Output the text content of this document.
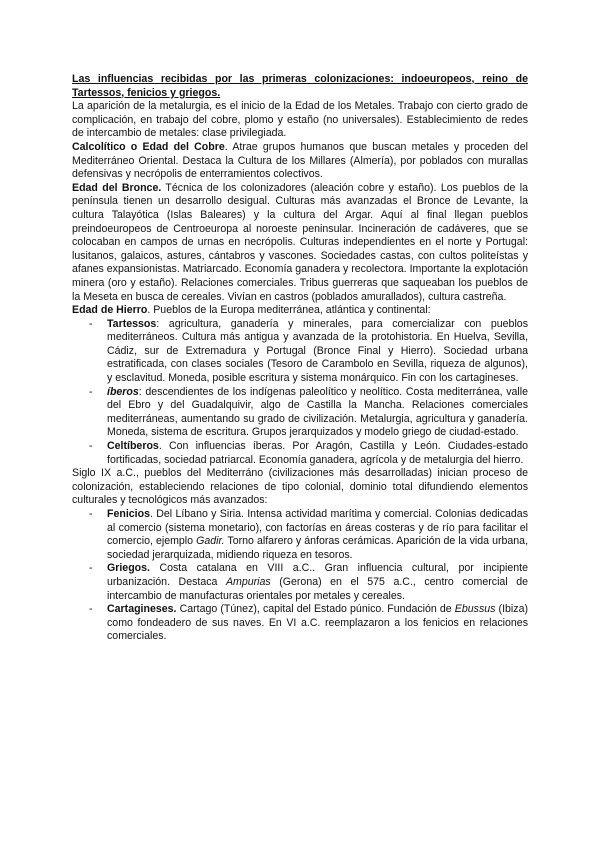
Las influencias recibidas por las primeras colonizaciones: indoeuropeos, reino de Tartessos, fenicios y griegos.

La aparición de la metalurgia, es el inicio de la Edad de los Metales. Trabajo con cierto grado de complicación, en trabajo del cobre, plomo y estaño (no universales). Establecimiento de redes de intercambio de metales: clase privilegiada.

Calcolítico o Edad del Cobre. Atrae grupos humanos que buscan metales y proceden del Mediterráneo Oriental. Destaca la Cultura de los Millares (Almería), por poblados con murallas defensivas y necrópolis de enterramientos colectivos.

Edad del Bronce. Técnica de los colonizadores (aleación cobre y estaño). Los pueblos de la península tienen un desarrollo desigual. Culturas más avanzadas el Bronce de Levante, la cultura Talayótica (Islas Baleares) y la cultura del Argar. Aquí al final llegan pueblos preindoeuropeos de Centroeuropa al noroeste peninsular. Incineración de cadáveres, que se colocaban en campos de urnas en necrópolis. Culturas independientes en el norte y Portugal: lusitanos, galaicos, astures, cántabros y vascones. Sociedades castas, con cultos politeístas y afanes expansionistas. Matriarcado. Economía ganadera y recolectora. Importante la explotación minera (oro y estaño). Relaciones comerciales. Tribus guerreras que saqueaban los pueblos de la Meseta en busca de cereales. Vivían en castros (poblados amurallados), cultura castreña.

Edad de Hierro. Pueblos de la Europa mediterránea, atlántica y continental:

- Tartessos: agricultura, ganadería y minerales, para comercializar con pueblos mediterráneos. Cultura más antigua y avanzada de la protohistoria. En Huelva, Sevilla, Cádiz, sur de Extremadura y Portugal (Bronce Final y Hierro). Sociedad urbana estratificada, con clases sociales (Tesoro de Carambolo en Sevilla, riqueza de algunos), y esclavitud. Moneda, posible escritura y sistema monárquico. Fin con los cartagineses.
- íberos: descendientes de los indígenas paleolítico y neolítico. Costa mediterránea, valle del Ebro y del Guadalquivir, algo de Castilla la Mancha. Relaciones comerciales mediterráneas, aumentando su grado de civilización. Metalurgia, agricultura y ganadería. Moneda, sistema de escritura. Grupos jerarquizados y modelo griego de ciudad-estado.
- Celtíberos. Con influencias íberas. Por Aragón, Castilla y León. Ciudades-estado fortificadas, sociedad patriarcal. Economía ganadera, agrícola y de metalurgia del hierro.

Siglo IX a.C., pueblos del Mediterráno (civilizaciones más desarrolladas) inician proceso de colonización, estableciendo relaciones de tipo colonial, dominio total difundiendo elementos culturales y tecnológicos más avanzados:

- Fenicios. Del Líbano y Siria. Intensa actividad marítima y comercial. Colonias dedicadas al comercio (sistema monetario), con factorías en áreas costeras y de río para facilitar el comercio, ejemplo Gadir. Torno alfarero y ánforas cerámicas. Aparición de la vida urbana, sociedad jerarquizada, midiendo riqueza en tesoros.
- Griegos. Costa catalana en VIII a.C.. Gran influencia cultural, por incipiente urbanización. Destaca Ampurias (Gerona) en el 575 a.C., centro comercial de intercambio de manufacturas orientales por metales y cereales.
- Cartagineses. Cartago (Túnez), capital del Estado púnico. Fundación de Ebussus (Ibiza) como fondeadero de sus naves. En VI a.C. reemplazaron a los fenicios en relaciones comerciales.
